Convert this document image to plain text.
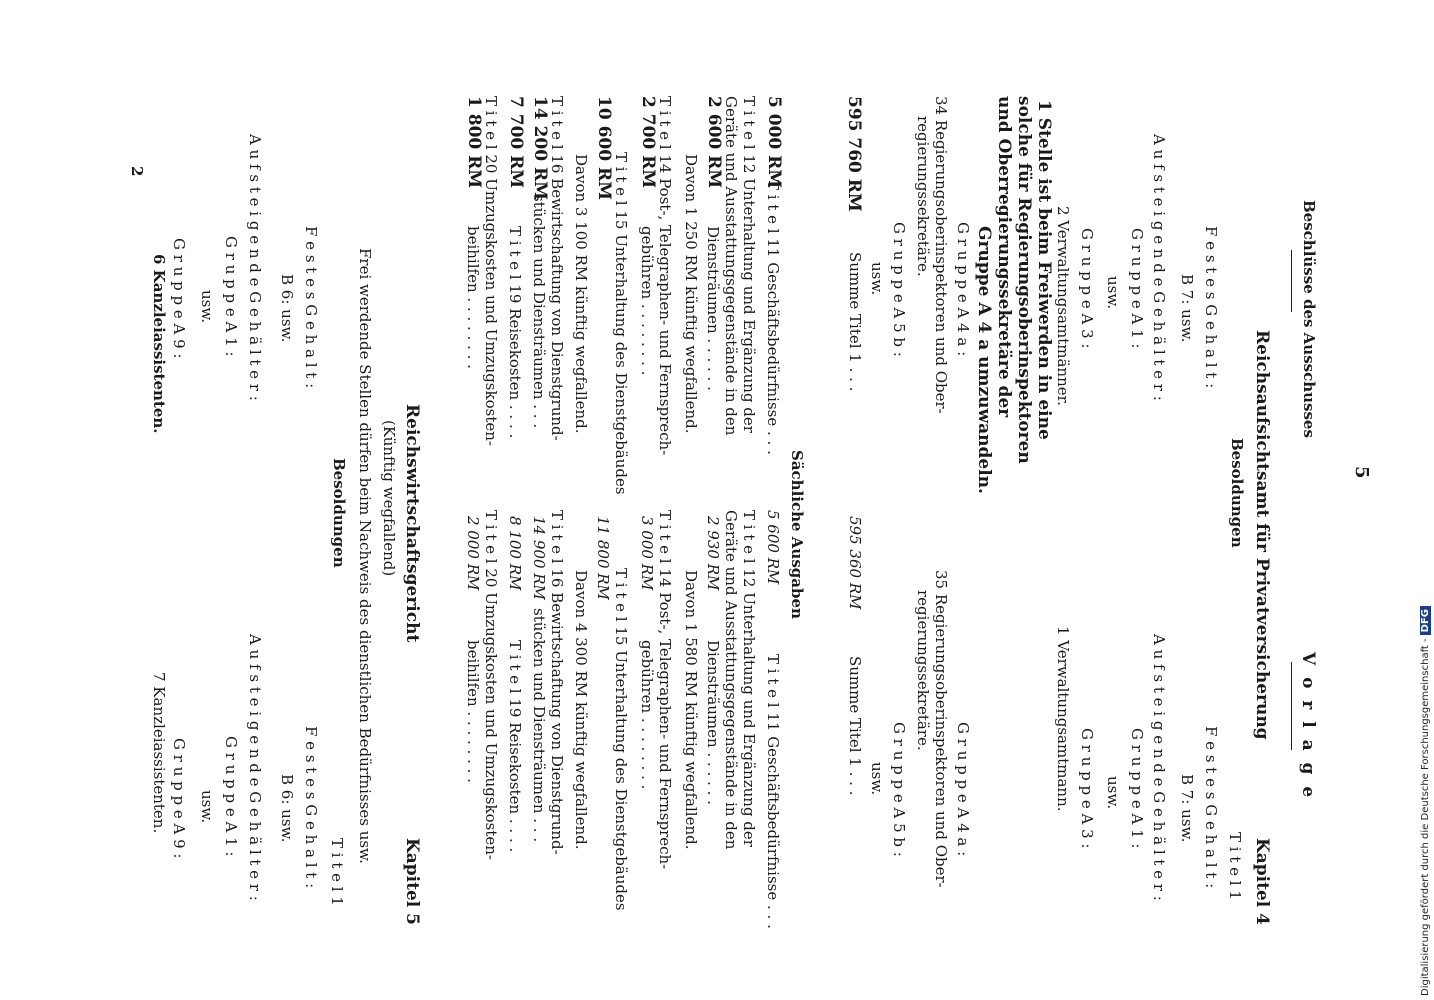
5
V o r l a g e
Beschlüsse des Ausschusses
2
Kapitel 4
Reichsaufsichtsamt für Privatversicherung
Besoldungen
T i t e l 1
F e s t e s G e h a l t :
B 7: usw.
A u f s t e i g e n d e G e h ä l t e r :
G r u p p e A 1 :
usw.
G r u p p e A 3 :
1 Verwaltungsamtmann.
G r u p p e A 4 a :
35 Regierungsoberinspektoren und Ober-
regierungssekretäre.
G r u p p e A 5 b :
usw.
Summe Titel 1 . . .
595 360 RM
F e s t e s G e h a l t :
B 7: usw.
A u f s t e i g e n d e G e h ä l t e r :
G r u p p e A 1 :
usw.
G r u p p e A 3 :
2 Verwaltungsamtmänner.
1 Stelle ist beim Freiwerden in eine
solche für Regierungsoberinspektoren
und Oberregierungssekretäre der
Gruppe A 4 a umzuwandeln.
G r u p p e A 4 a :
34 Regierungsoberinspektoren und Ober-
regierungssekretäre.
G r u p p e A 5 b :
usw.
Summe Titel 1 . . .
595 760 RM
Sächliche Ausgaben
T i t e l 11 Geschäftsbedürfnisse . . .
5 600 RM
T i t e l 12 Unterhaltung und Ergänzung der
Geräte und Ausstattungsgegenstände in den
Diensträumen . . . . . .
2 930 RM
Davon 1 580 RM künftig wegfallend.
T i t e l 14 Post-, Telegraphen- und Fernsprech-
gebühren . . . . . . . .
3 000 RM
T i t e l 15 Unterhaltung des Dienstgebäudes
11 800 RM
Davon 4 300 RM künftig wegfallend.
T i t e l 16 Bewirtschaftung von Dienstgrund-
stücken und Diensträumen . . .
14 900 RM
T i t e l 19 Reisekosten . . . .
8 100 RM
T i t e l 20 Umzugskosten und Umzugskosten-
beihilfen . . . . . . . .
2 000 RM
T i t e l 11 Geschäftsbedürfnisse . . .
5 000 RM
T i t e l 12 Unterhaltung und Ergänzung der
Geräte und Ausstattungsgegenstände in den
Diensträumen . . . . . .
2 600 RM
Davon 1 250 RM künftig wegfallend.
T i t e l 14 Post-, Telegraphen- und Fernsprech-
gebühren . . . . . . . .
2 700 RM
T i t e l 15 Unterhaltung des Dienstgebäudes
10 600 RM
Davon 3 100 RM künftig wegfallend.
T i t e l 16 Bewirtschaftung von Dienstgrund-
stücken und Diensträumen . . .
14 200 RM
T i t e l 19 Reisekosten . . . .
7 700 RM
T i t e l 20 Umzugskosten und Umzugskosten-
beihilfen . . . . . . . .
1 800 RM
Kapitel 5
Reichswirtschaftsgericht
(Künftig wegfallend)
Frei werdende Stellen dürfen beim Nachweis des dienstlichen Bedürfnisses usw.
Besoldungen
T i t e l 1
F e s t e s G e h a l t :
B 6: usw.
A u f s t e i g e n d e G e h ä l t e r :
G r u p p e A 1 :
usw.
G r u p p e A 9 :
7 Kanzleiassistenten.
F e s t e s G e h a l t :
B 6: usw.
A u f s t e i g e n d e G e h ä l t e r :
G r u p p e A 1 :
usw.
G r u p p e A 9 :
6 Kanzleiassistenten.
Digitalisierung gefördert durch die Deutsche Forschungsgemeinschaft -DFG
